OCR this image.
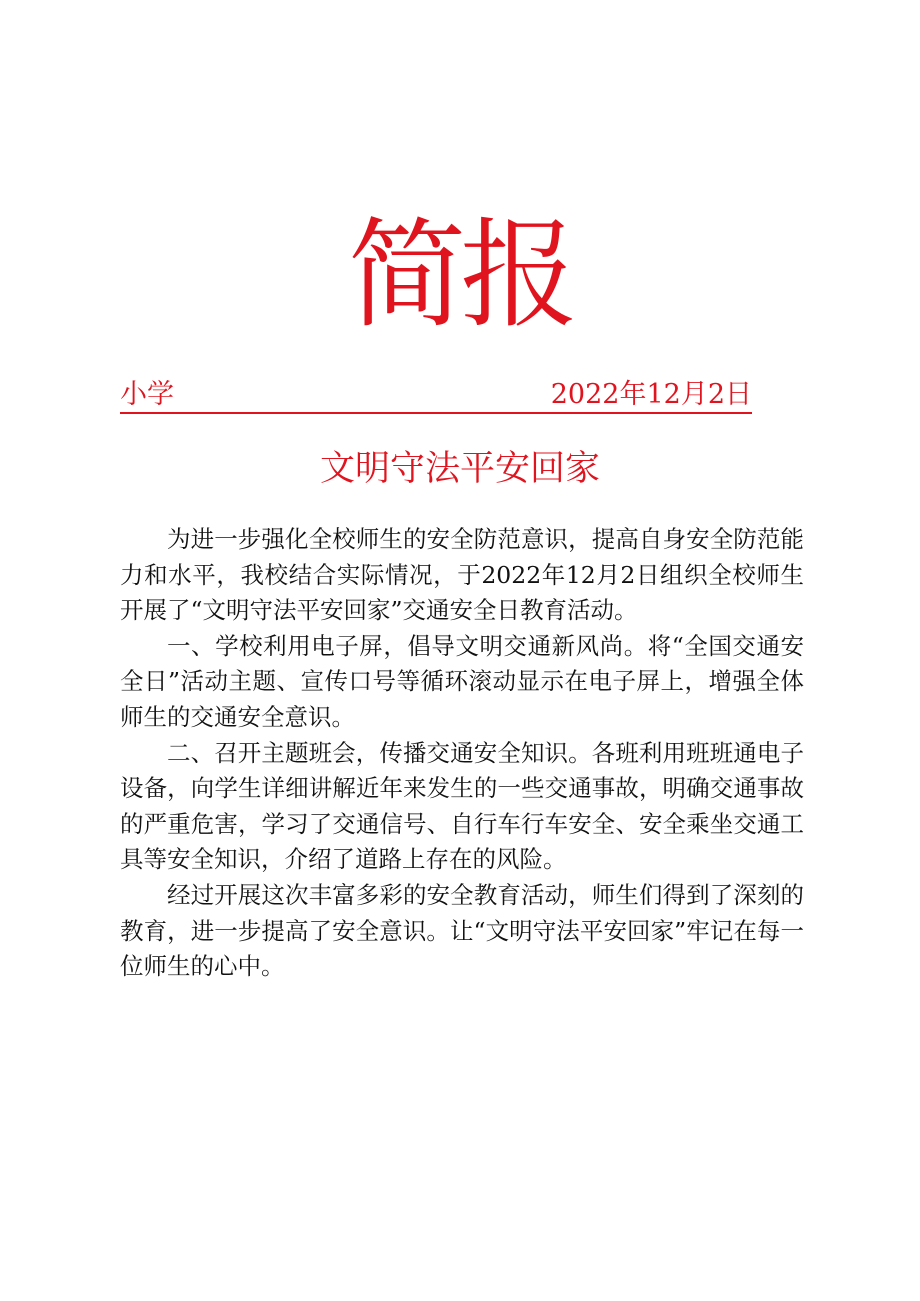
简报
小学	2022年12月2日
文明守法平安回家

为进一步强化全校师生的安全防范意识，提高自身安全防范能力和水平，我校结合实际情况，于2022年12月2日组织全校师生开展了“文明守法平安回家”交通安全日教育活动。

一、学校利用电子屏，倡导文明交通新风尚。将“全国交通安全日”活动主题、宣传口号等循环滚动显示在电子屏上，增强全体师生的交通安全意识。

二、召开主题班会，传播交通安全知识。各班利用班班通电子设备，向学生详细讲解近年来发生的一些交通事故，明确交通事故的严重危害，学习了交通信号、自行车行车安全、安全乘坐交通工具等安全知识，介绍了道路上存在的风险。

经过开展这次丰富多彩的安全教育活动，师生们得到了深刻的教育，进一步提高了安全意识。让“文明守法平安回家”牢记在每一位师生的心中。
